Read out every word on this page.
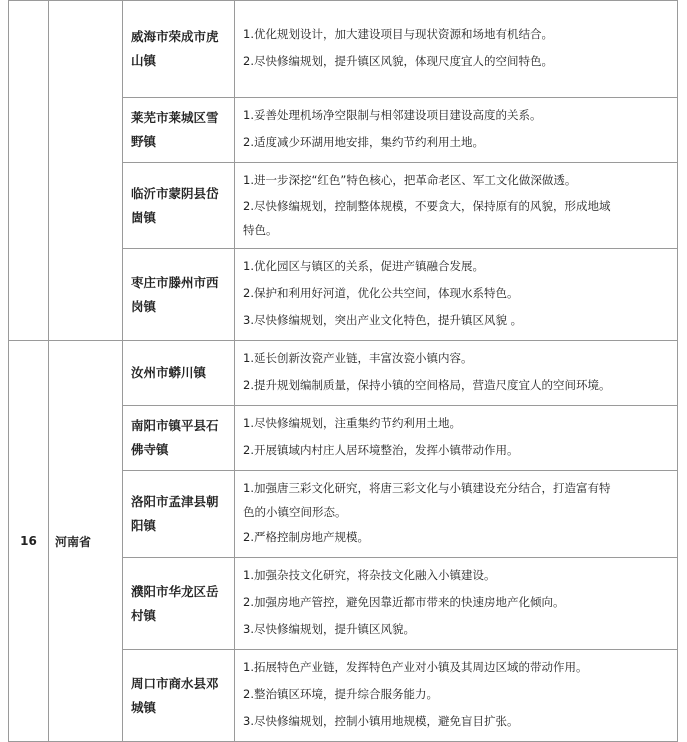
		威海市荣成市虎山镇	1.优化规划设计，加大建设项目与现状资源和场地有机结合。

2.尽快修编规划，提升镇区风貌，体现尺度宜人的空间特色。

		莱芜市莱城区雪野镇	1.妥善处理机场净空限制与相邻建设项目建设高度的关系。

2.适度减少环湖用地安排，集约节约利用土地。

		临沂市蒙阴县岱崮镇	1.进一步深挖“红色”特色核心，把革命老区、军工文化做深做透。

2.尽快修编规划，控制整体规模，不要贪大，保持原有的风貌，形成地域

特色。

		枣庄市滕州市西岗镇	1.优化园区与镇区的关系，促进产镇融合发展。

2.保护和利用好河道，优化公共空间，体现水系特色。

3.尽快修编规划，突出产业文化特色，提升镇区风貌 。

16	河南省	汝州市蟒川镇	1.延长创新汝瓷产业链，丰富汝瓷小镇内容。

2.提升规划编制质量，保持小镇的空间格局，营造尺度宜人的空间环境。

		南阳市镇平县石佛寺镇	1.尽快修编规划，注重集约节约利用土地。

2.开展镇域内村庄人居环境整治，发挥小镇带动作用。

		洛阳市孟津县朝阳镇	1.加强唐三彩文化研究，将唐三彩文化与小镇建设充分结合，打造富有特

色的小镇空间形态。

2.严格控制房地产规模。

		濮阳市华龙区岳村镇	1.加强杂技文化研究，将杂技文化融入小镇建设。

2.加强房地产管控，避免因靠近都市带来的快速房地产化倾向。

3.尽快修编规划，提升镇区风貌。

		周口市商水县邓城镇	1.拓展特色产业链，发挥特色产业对小镇及其周边区域的带动作用。

2.整治镇区环境，提升综合服务能力。

3.尽快修编规划，控制小镇用地规模，避免盲目扩张。
